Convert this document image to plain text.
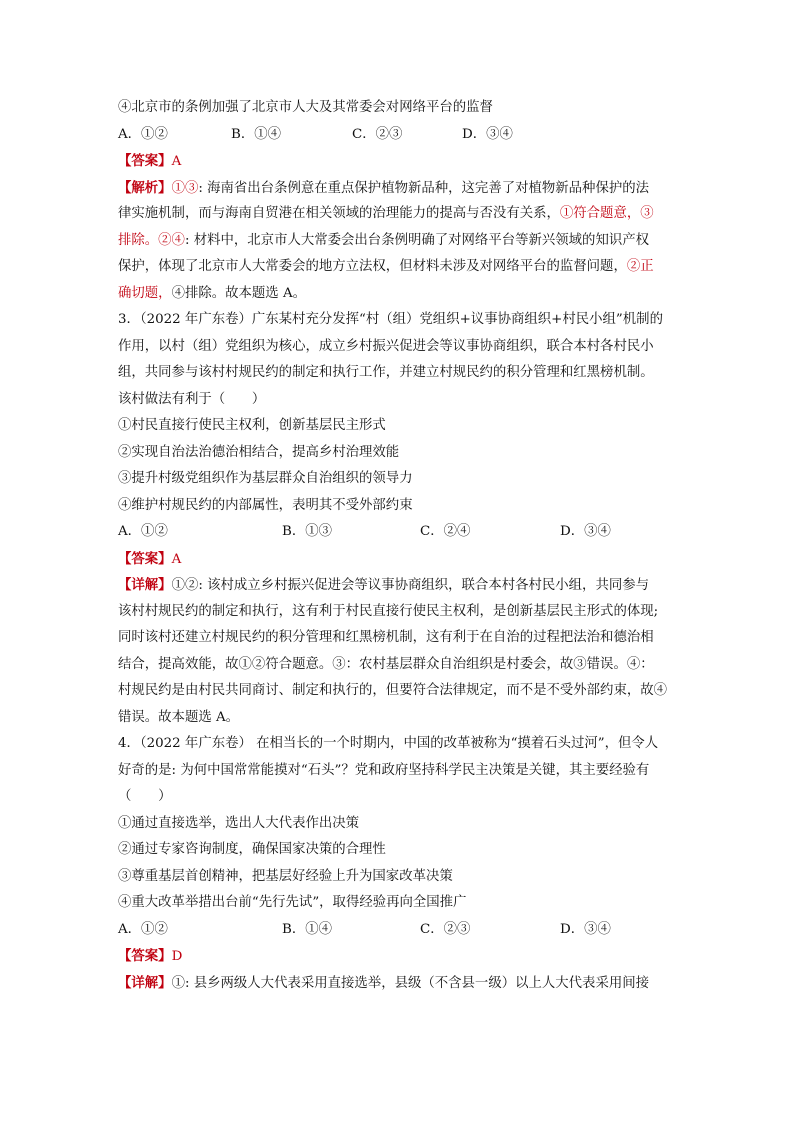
④北京市的条例加强了北京市人大及其常委会对网络平台的监督
A．①②	B．①④	C．②③	D．③④
【答案】A
【解析】①③: 海南省出台条例意在重点保护植物新品种，这完善了对植物新品种保护的法
律实施机制，而与海南自贸港在相关领域的治理能力的提高与否没有关系，①符合题意，③
排除。②④: 材料中，北京市人大常委会出台条例明确了对网络平台等新兴领域的知识产权
保护，体现了北京市人大常委会的地方立法权，但材料未涉及对网络平台的监督问题，②正
确切题，④排除。故本题选 A。
3．（2022 年广东卷）广东某村充分发挥“村（组）党组织+议事协商组织+村民小组”机制的
作用，以村（组）党组织为核心，成立乡村振兴促进会等议事协商组织，联合本村各村民小
组，共同参与该村村规民约的制定和执行工作，并建立村规民约的积分管理和红黑榜机制。
该村做法有利于（　　）
①村民直接行使民主权利，创新基层民主形式
②实现自治法治德治相结合，提高乡村治理效能
③提升村级党组织作为基层群众自治组织的领导力
④维护村规民约的内部属性，表明其不受外部约束
A．①②	B．①③	C．②④	D．③④
【答案】A
【详解】①②: 该村成立乡村振兴促进会等议事协商组织，联合本村各村民小组，共同参与
该村村规民约的制定和执行，这有利于村民直接行使民主权利，是创新基层民主形式的体现;
同时该村还建立村规民约的积分管理和红黑榜机制，这有利于在自治的过程把法治和德治相
结合，提高效能，故①②符合题意。③：农村基层群众自治组织是村委会，故③错误。④：
村规民约是由村民共同商讨、制定和执行的，但要符合法律规定，而不是不受外部约束，故④
错误。故本题选 A。
4．（2022 年广东卷） 在相当长的一个时期内，中国的改革被称为“摸着石头过河”，但令人
好奇的是: 为何中国常常能摸对“石头”？党和政府坚持科学民主决策是关键，其主要经验有
（　　）
①通过直接选举，选出人大代表作出决策
②通过专家咨询制度，确保国家决策的合理性
③尊重基层首创精神，把基层好经验上升为国家改革决策
④重大改革举措出台前“先行先试”，取得经验再向全国推广
A．①②	B．①④	C．②③	D．③④
【答案】D
【详解】①: 县乡两级人大代表采用直接选举，县级（不含县一级）以上人大代表采用间接
